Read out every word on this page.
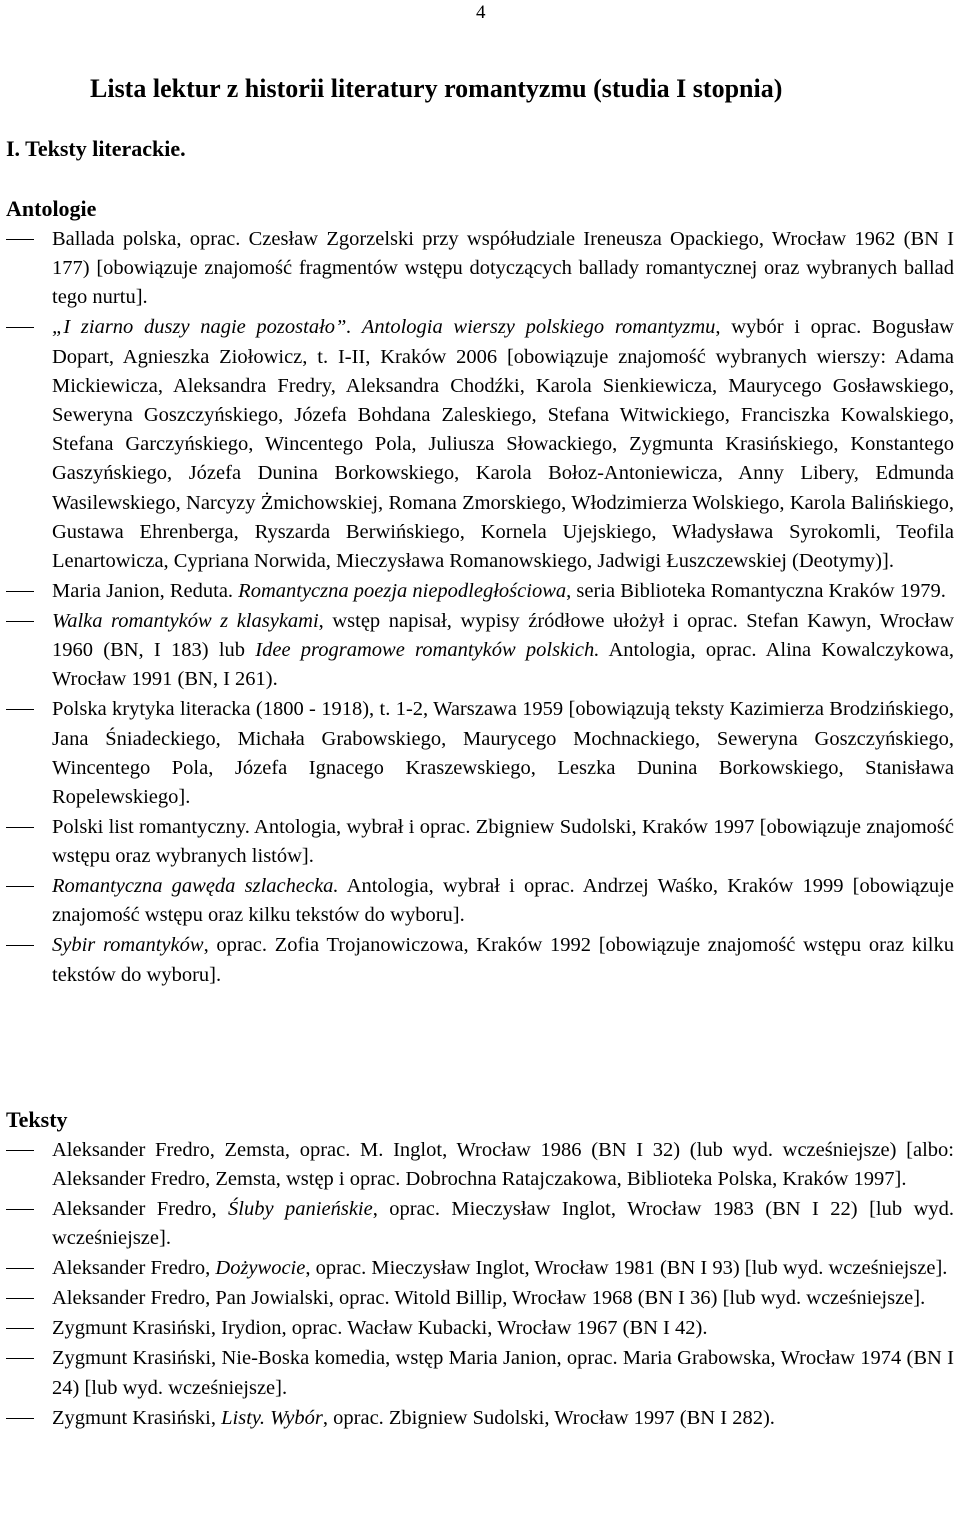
4
Lista lektur z historii literatury romantyzmu (studia I stopnia)
I. Teksty literackie.
Antologie
Ballada polska, oprac. Czesław Zgorzelski przy współudziale Ireneusza Opackiego, Wrocław 1962 (BN I 177) [obowiązuje znajomość fragmentów wstępu dotyczących ballady romantycznej oraz wybranych ballad tego nurtu].
„I ziarno duszy nagie pozostało”. Antologia wierszy polskiego romantyzmu, wybór i oprac. Bogusław Dopart, Agnieszka Ziołowicz, t. I-II, Kraków 2006 [obowiązuje znajomość wybranych wierszy: Adama Mickiewicza, Aleksandra Fredry, Aleksandra Chodźki, Karola Sienkiewicza, Maurycego Gosławskiego, Seweryna Goszczyńskiego, Józefa Bohdana Zaleskiego, Stefana Witwickiego, Franciszka Kowalskiego, Stefana Garczyńskiego, Wincentego Pola, Juliusza Słowackiego, Zygmunta Krasińskiego, Konstantego Gaszyńskiego, Józefa Dunina Borkowskiego, Karola Bołoz-Antoniewicza, Anny Libery, Edmunda Wasilewskiego, Narcyzy Żmichowskiej, Romana Zmorskiego, Włodzimierza Wolskiego, Karola Balińskiego, Gustawa Ehrenberga, Ryszarda Berwińskiego, Kornela Ujejskiego, Władysława Syrokomli, Teofila Lenartowicza, Cypriana Norwida, Mieczysława Romanowskiego, Jadwigi Łuszczewskiej (Deotymy)].
Maria Janion, Reduta. Romantyczna poezja niepodległościowa, seria Biblioteka Romantyczna Kraków 1979.
Walka romantyków z klasykami, wstęp napisał, wypisy źródłowe ułożył i oprac. Stefan Kawyn, Wrocław 1960 (BN, I 183) lub Idee programowe romantyków polskich. Antologia, oprac. Alina Kowalczykowa, Wrocław 1991 (BN, I 261).
Polska krytyka literacka (1800 - 1918), t. 1-2, Warszawa 1959 [obowiązują teksty Kazimierza Brodzińskiego, Jana Śniadeckiego, Michała Grabowskiego, Maurycego Mochnackiego, Seweryna Goszczyńskiego, Wincentego Pola, Józefa Ignacego Kraszewskiego, Leszka Dunina Borkowskiego, Stanisława Ropelewskiego].
Polski list romantyczny. Antologia, wybrał i oprac. Zbigniew Sudolski, Kraków 1997 [obowiązuje znajomość wstępu oraz wybranych listów].
Romantyczna gawęda szlachecka. Antologia, wybrał i oprac. Andrzej Waśko, Kraków 1999 [obowiązuje znajomość wstępu oraz kilku tekstów do wyboru].
Sybir romantyków, oprac. Zofia Trojanowiczowa, Kraków 1992 [obowiązuje znajomość wstępu oraz kilku tekstów do wyboru].
Teksty
Aleksander Fredro, Zemsta, oprac. M. Inglot, Wrocław 1986 (BN I 32) (lub wyd. wcześniejsze) [albo: Aleksander Fredro, Zemsta, wstęp i oprac. Dobrochna Ratajczakowa, Biblioteka Polska, Kraków 1997].
Aleksander Fredro, Śluby panieńskie, oprac. Mieczysław Inglot, Wrocław 1983 (BN I 22) [lub wyd. wcześniejsze].
Aleksander Fredro, Dożywocie, oprac. Mieczysław Inglot, Wrocław 1981 (BN I 93) [lub wyd. wcześniejsze].
Aleksander Fredro, Pan Jowialski, oprac. Witold Billip, Wrocław 1968 (BN I 36) [lub wyd. wcześniejsze].
Zygmunt Krasiński, Irydion, oprac. Wacław Kubacki, Wrocław 1967 (BN I 42).
Zygmunt Krasiński, Nie-Boska komedia, wstęp Maria Janion, oprac. Maria Grabowska, Wrocław 1974 (BN I 24) [lub wyd. wcześniejsze].
Zygmunt Krasiński, Listy. Wybór, oprac. Zbigniew Sudolski, Wrocław 1997 (BN I 282).
